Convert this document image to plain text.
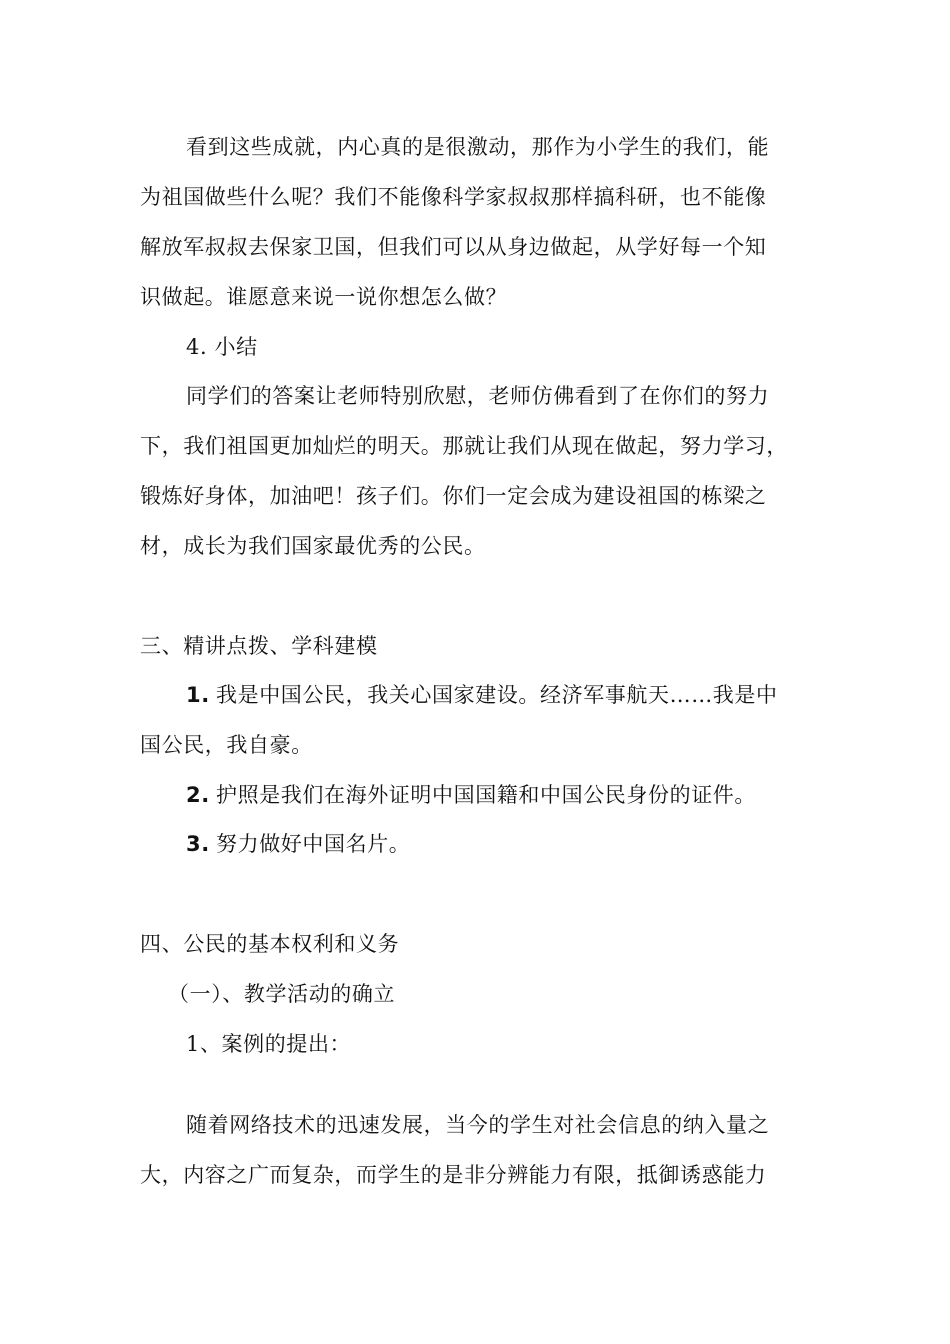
看到这些成就，内心真的是很激动，那作为小学生的我们，能
为祖国做些什么呢？我们不能像科学家叔叔那样搞科研，也不能像
解放军叔叔去保家卫国，但我们可以从身边做起，从学好每一个知
识做起。谁愿意来说一说你想怎么做？
4. 小结
同学们的答案让老师特别欣慰，老师仿佛看到了在你们的努力
下，我们祖国更加灿烂的明天。那就让我们从现在做起，努力学习，
锻炼好身体，加油吧！孩子们。你们一定会成为建设祖国的栋梁之
材，成长为我们国家最优秀的公民。
三、精讲点拨、学科建模
1. 我是中国公民，我关心国家建设。经济军事航天……我是中
国公民，我自豪。
2. 护照是我们在海外证明中国国籍和中国公民身份的证件。
3. 努力做好中国名片。
四、公民的基本权利和义务
（一）、教学活动的确立
1、案例的提出：
随着网络技术的迅速发展，当今的学生对社会信息的纳入量之
大，内容之广而复杂，而学生的是非分辨能力有限，抵御诱惑能力
